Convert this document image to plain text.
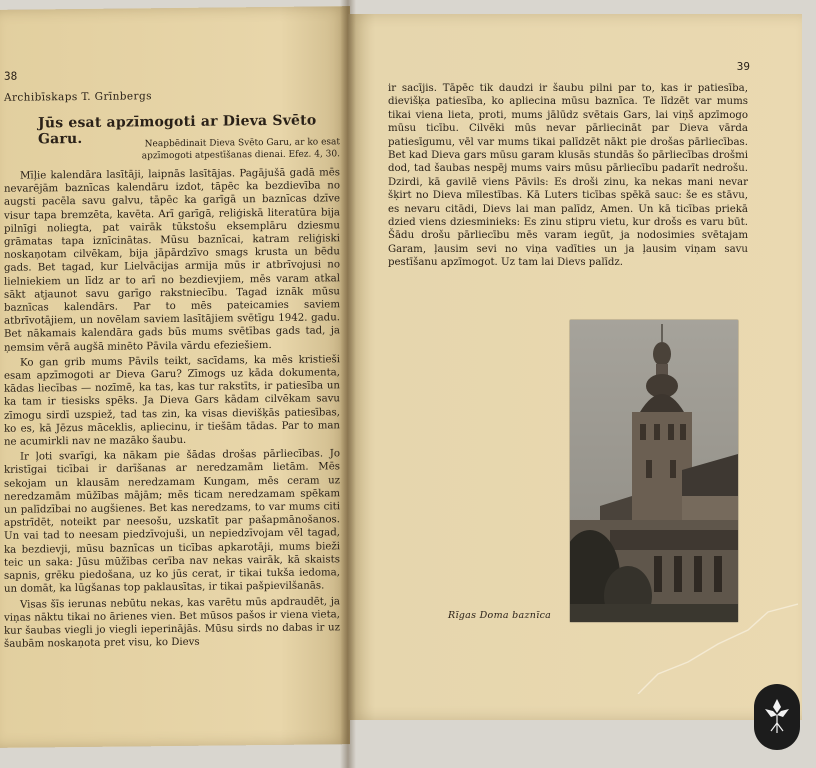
38
Archibīskaps T. Grīnbergs
Jūs esat apzīmogoti ar Dieva Svēto Garu.	Neapbēdinait Dieva Svēto Garu, ar ko esat apzīmogoti atpestīšanas dienai. Efez. 4, 30.

Mīļie kalendāra lasītāji, laipnās lasītājas. Pagājušā gadā mēs nevarējām baznīcas kalendāru izdot, tāpēc ka bezdievība no augsti pacēla savu galvu, tāpēc ka garīgā un baznīcas dzīve visur tapa bremzēta, kavēta. Arī garīgā, reliģiskā literatūra bija pilnīgi noliegta, pat vairāk tūkstošu eksemplāru dziesmu grāmatas tapa iznīcinātas. Mūsu baznīcai, katram reliģiski noskaņotam cilvēkam, bija jāpārdzīvo smags krusta un bēdu gads. Bet tagad, kur Lielvācijas armija mūs ir atbrīvojusi no lielniekiem un līdz ar to arī no bezdievjiem, mēs varam atkal sākt atjaunot savu garīgo rakstniecību. Tagad iznāk mūsu baznīcas kalendārs. Par to mēs pateicamies saviem atbrīvotājiem, un novēlam saviem lasītājiem svētīgu 1942. gadu. Bet nākamais kalendāra gads būs mums svētības gads tad, ja ņemsim vērā augšā minēto Pāvila vārdu efeziešiem.

Ko gan grib mums Pāvils teikt, sacīdams, ka mēs kristieši esam apzīmogoti ar Dieva Garu? Zīmogs uz kāda dokumenta, kādas liecības — nozīmē, ka tas, kas tur rakstīts, ir patiesība un ka tam ir tiesisks spēks. Ja Dieva Gars kādam cilvēkam savu zīmogu sirdī uzspiež, tad tas zin, ka visas dievišķās patiesības, ko es, kā Jēzus māceklis, apliecinu, ir tiešām tādas. Par to man ne acumirkli nav ne mazāko šaubu.

Ir ļoti svarīgi, ka nākam pie šādas drošas pārliecības. Jo kristīgai ticībai ir darīšanas ar neredzamām lietām. Mēs sekojam un klausām neredzamam Kungam, mēs ceram uz neredzamām mūžības mājām; mēs ticam neredzamam spēkam un palīdzībai no augšienes. Bet kas neredzams, to var mums citi apstrīdēt, noteikt par neesošu, uzskatīt par pašapmānošanos. Un vai tad to neesam piedzīvojuši, un nepiedzīvojam vēl tagad, ka bezdievji, mūsu baznīcas un ticības apkarotāji, mums bieži teic un saka: Jūsu mūžības cerība nav nekas vairāk, kā skaists sapnis, grēku piedošana, uz ko jūs cerat, ir tikai tukša iedoma, un domāt, ka lūgšanas top paklausītas, ir tikai pašpievilšanās.

Visas šīs ierunas nebūtu nekas, kas varētu mūs apdraudēt, ja viņas nāktu tikai no ārienes vien. Bet mūsos pašos ir viena vieta, kur šaubas viegli jo viegli ieperinājās. Mūsu sirds no dabas ir uz šaubām noskaņota pret visu, ko Dievs

39
ir sacījis. Tāpēc tik daudzi ir šaubu pilni par to, kas ir patiesība, dievišķa patiesība, ko apliecina mūsu baznīca. Te līdzēt var mums tikai viena lieta, proti, mums jālūdz svētais Gars, lai viņš apzīmogo mūsu ticību. Cilvēki mūs nevar pārliecināt par Dieva vārda patiesīgumu, vēl var mums tikai palīdzēt nākt pie drošas pārliecības. Bet kad Dieva gars mūsu garam klusās stundās šo pārliecības drošmi dod, tad šaubas nespēj mums vairs mūsu pārliecību padarīt nedrošu. Dzirdi, kā gavilē viens Pāvils: Es droši zinu, ka nekas mani nevar šķirt no Dieva mīlestības. Kā Luters ticības spēkā sauc: še es stāvu, es nevaru citādi, Dievs lai man palīdz, Amen. Un kā ticības priekā dzied viens dziesminieks: Es zinu stipru vietu, kur drošs es varu būt. Šādu drošu pārliecību mēs varam iegūt, ja nodosimies svētajam Garam, ļausim sevi no viņa vadīties un ja ļausim viņam savu pestīšanu apzīmogot. Uz tam lai Dievs palīdz.
Rīgas Doma baznīca
